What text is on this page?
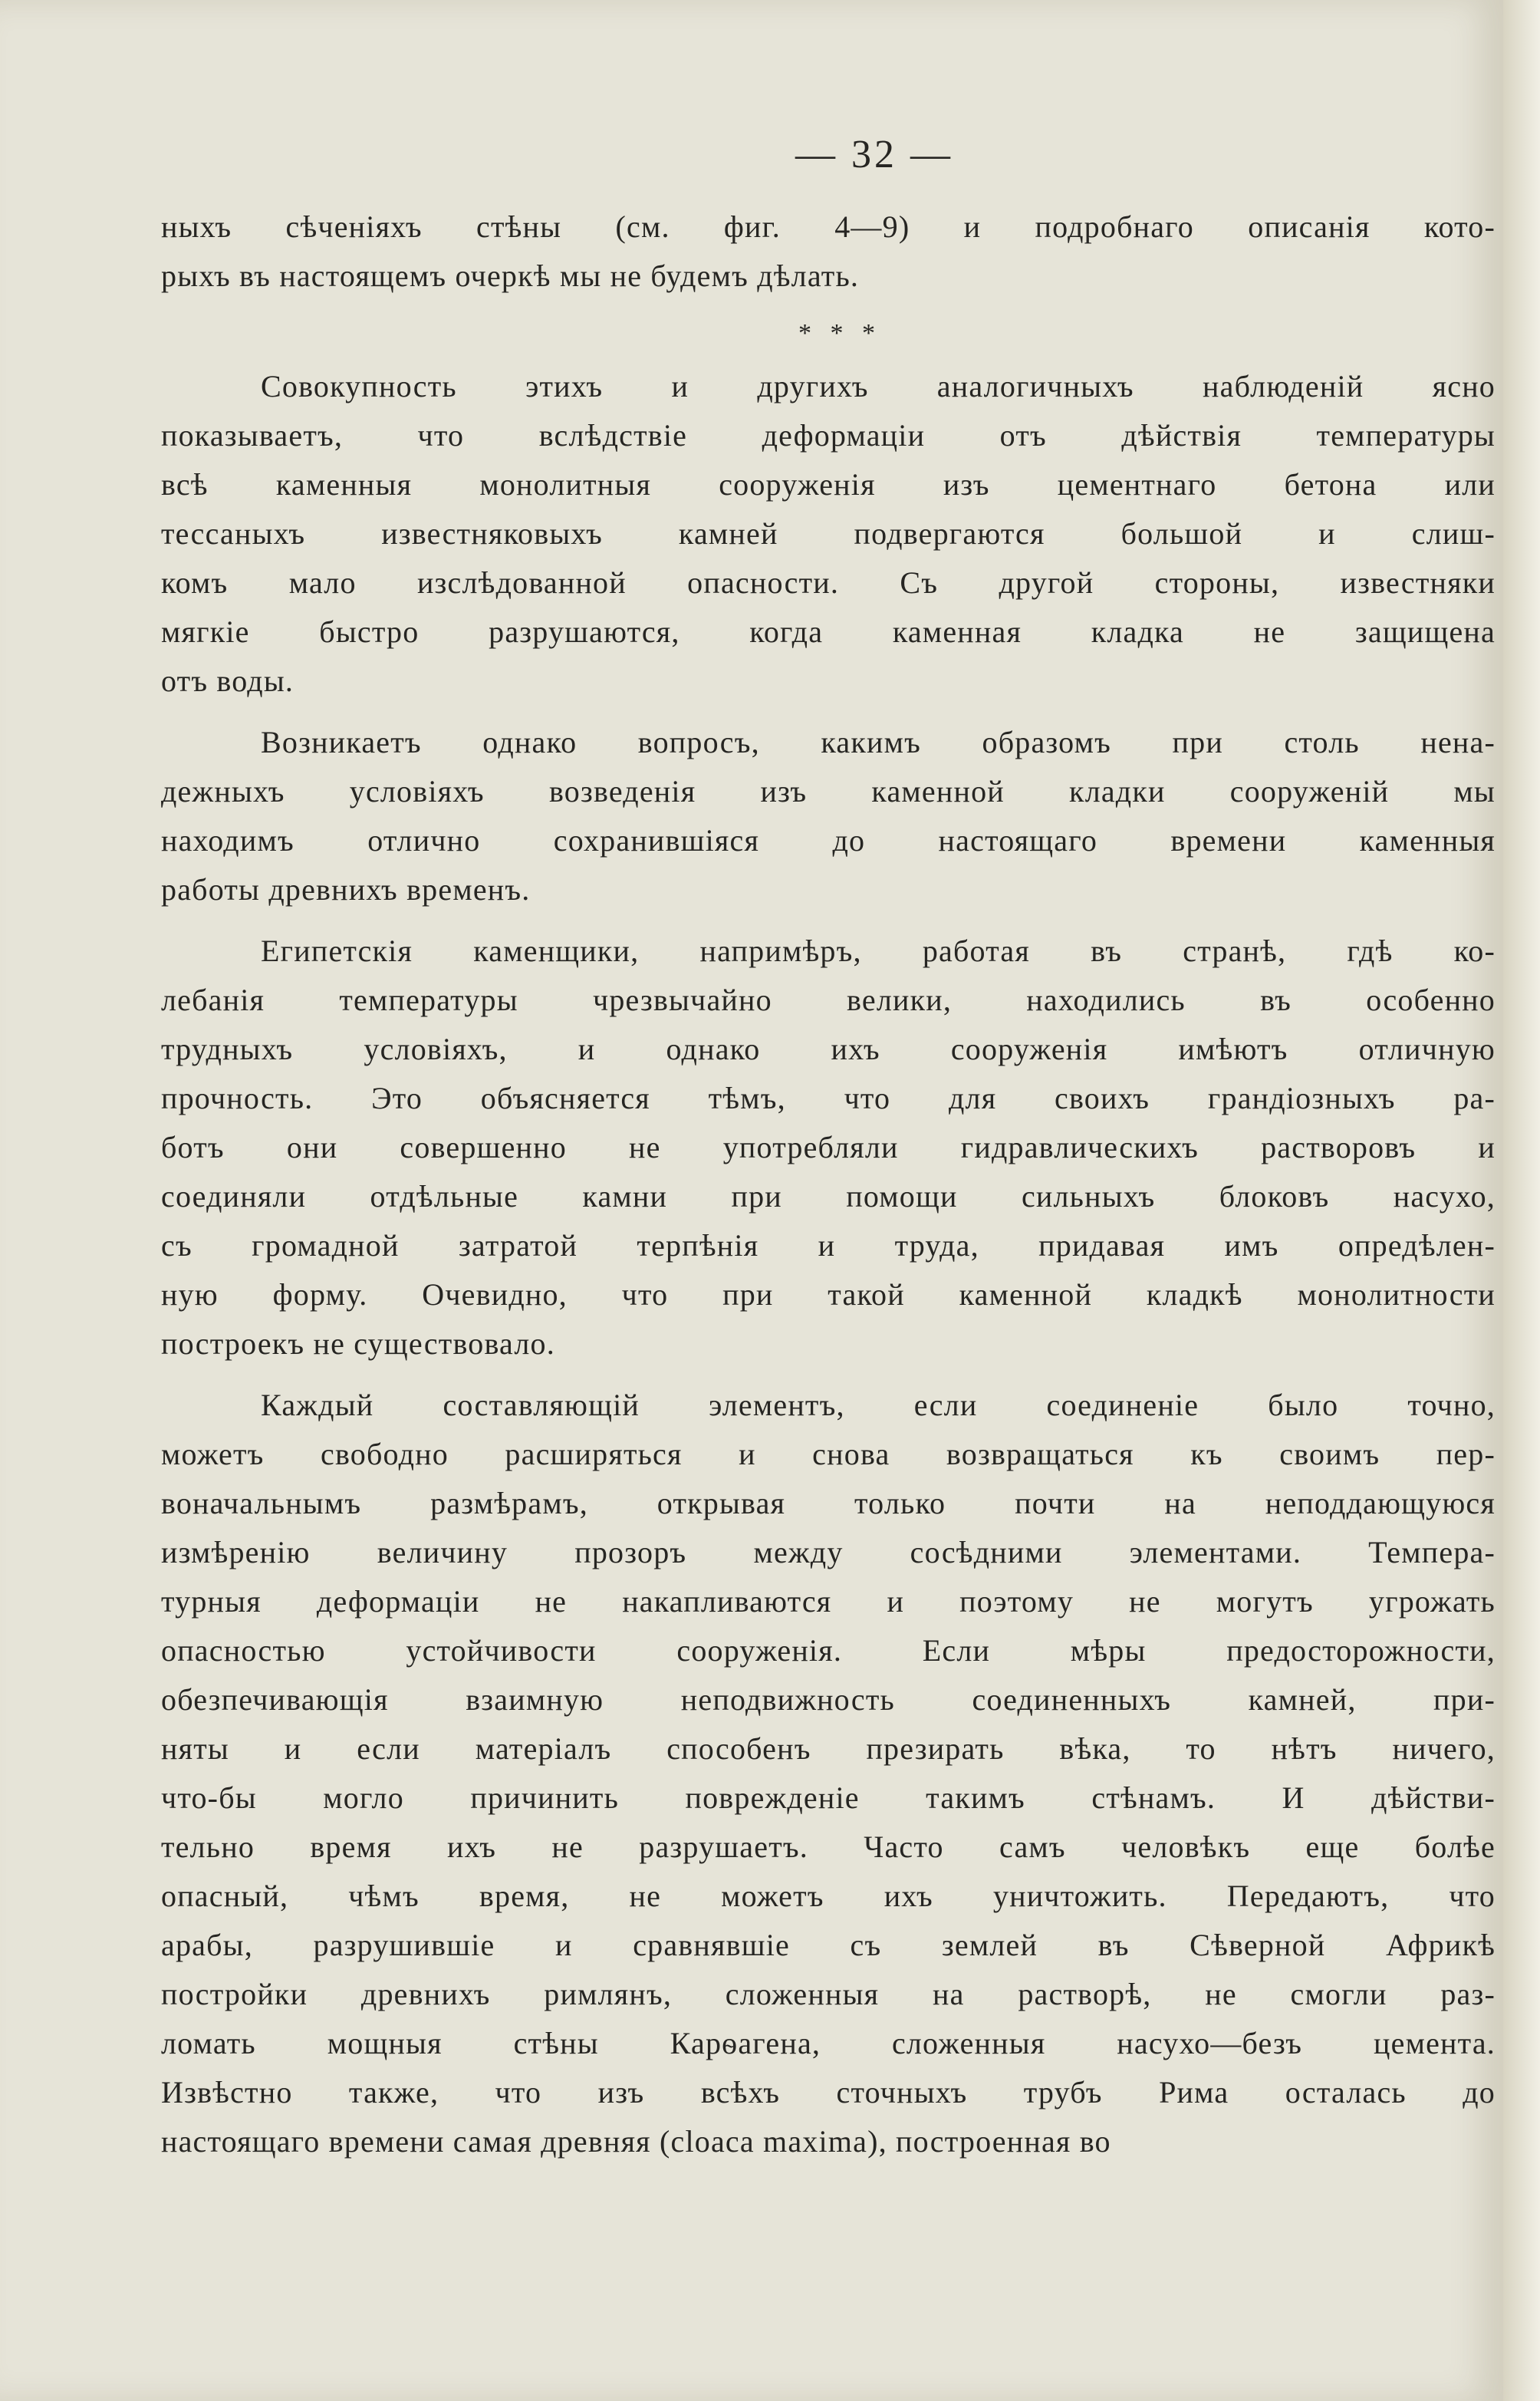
— 32 —
ныхъ сѣченіяхъ стѣны (см. фиг. 4—9) и подробнаго описанія кото-
рыхъ въ настоящемъ очеркѣ мы не будемъ дѣлать.
* * *
Совокупность этихъ и другихъ аналогичныхъ наблюденій ясно
показываетъ, что вслѣдствіе деформаціи отъ дѣйствія температуры
всѣ каменныя монолитныя сооруженія изъ цементнаго бетона или
тессаныхъ известняковыхъ камней подвергаются большой и слиш-
комъ мало изслѣдованной опасности. Съ другой стороны, известняки
мягкіе быстро разрушаются, когда каменная кладка не защищена
отъ воды.
Возникаетъ однако вопросъ, какимъ образомъ при столь нена-
дежныхъ условіяхъ возведенія изъ каменной кладки сооруженій мы
находимъ отлично сохранившіяся до настоящаго времени каменныя
работы древнихъ временъ.
Египетскія каменщики, напримѣръ, работая въ странѣ, гдѣ ко-
лебанія температуры чрезвычайно велики, находились въ особенно
трудныхъ условіяхъ, и однако ихъ сооруженія имѣютъ отличную
прочность. Это объясняется тѣмъ, что для своихъ грандіозныхъ ра-
ботъ они совершенно не употребляли гидравлическихъ растворовъ и
соединяли отдѣльные камни при помощи сильныхъ блоковъ насухо,
съ громадной затратой терпѣнія и труда, придавая имъ опредѣлен-
ную форму. Очевидно, что при такой каменной кладкѣ монолитности
построекъ не существовало.
Каждый составляющій элементъ, если соединеніе было точно,
можетъ свободно расширяться и снова возвращаться къ своимъ пер-
воначальнымъ размѣрамъ, открывая только почти на неподдающуюся
измѣренію величину прозоръ между сосѣдними элементами. Темпера-
турныя деформаціи не накапливаются и поэтому не могутъ угрожать
опасностью устойчивости сооруженія. Если мѣры предосторожности,
обезпечивающія взаимную неподвижность соединенныхъ камней, при-
няты и если матеріалъ способенъ презирать вѣка, то нѣтъ ничего,
что-бы могло причинить поврежденіе такимъ стѣнамъ. И дѣйстви-
тельно время ихъ не разрушаетъ. Часто самъ человѣкъ еще болѣе
опасный, чѣмъ время, не можетъ ихъ уничтожить. Передаютъ, что
арабы, разрушившіе и сравнявшіе съ землей въ Сѣверной Африкѣ
постройки древнихъ римлянъ, сложенныя на растворѣ, не смогли раз-
ломать мощныя стѣны Карѳагена, сложенныя насухо—безъ цемента.
Извѣстно также, что изъ всѣхъ сточныхъ трубъ Рима осталась до
настоящаго времени самая древняя (cloaca maxima), построенная во
